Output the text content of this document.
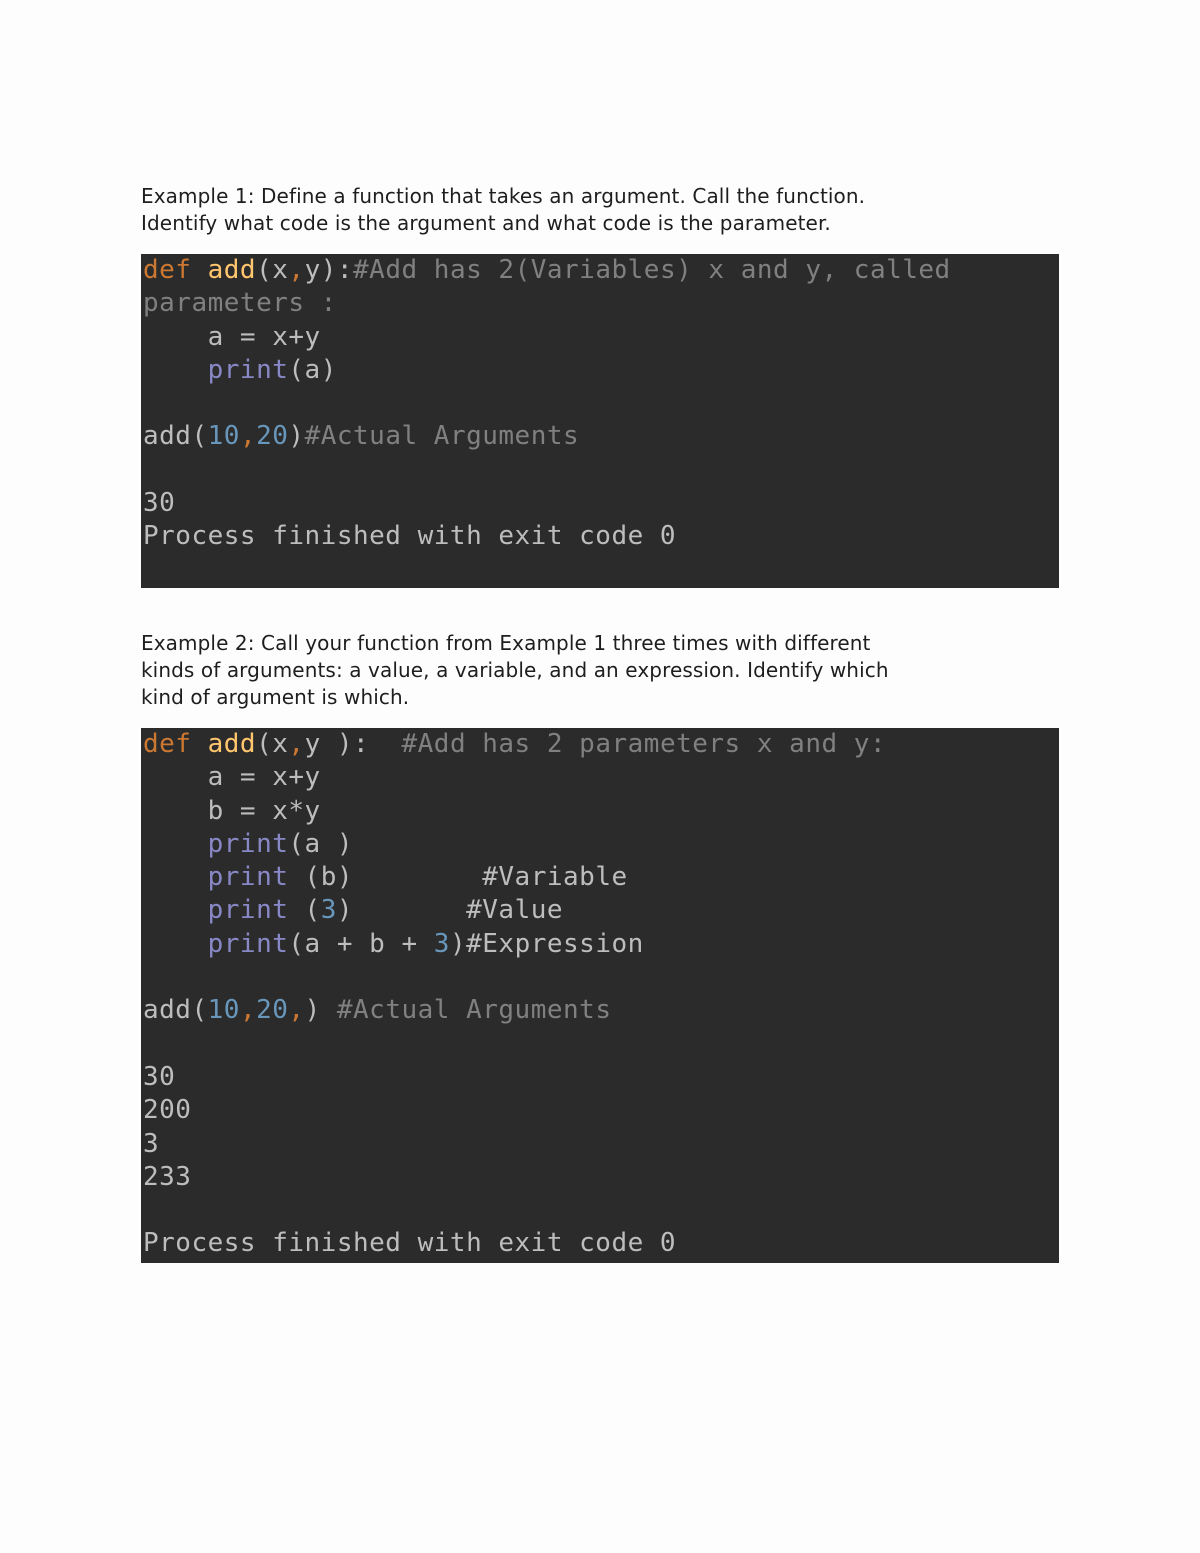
Example 1: Define a function that takes an argument. Call the function.
Identify what code is the argument and what code is the parameter.
def add(x,y):#Add has 2(Variables) x and y, called
parameters :
a = x+y
print(a)
add(10,20)#Actual Arguments
30
Process finished with exit code 0
Example 2: Call your function from Example 1 three times with different
kinds of arguments: a value, a variable, and an expression. Identify which
kind of argument is which.
def add(x,y ):  #Add has 2 parameters x and y:
a = x+y
b = x*y
print(a )
print (b)        #Variable
print (3)       #Value
print(a + b + 3)#Expression
add(10,20,) #Actual Arguments
30
200
3
233
Process finished with exit code 0
